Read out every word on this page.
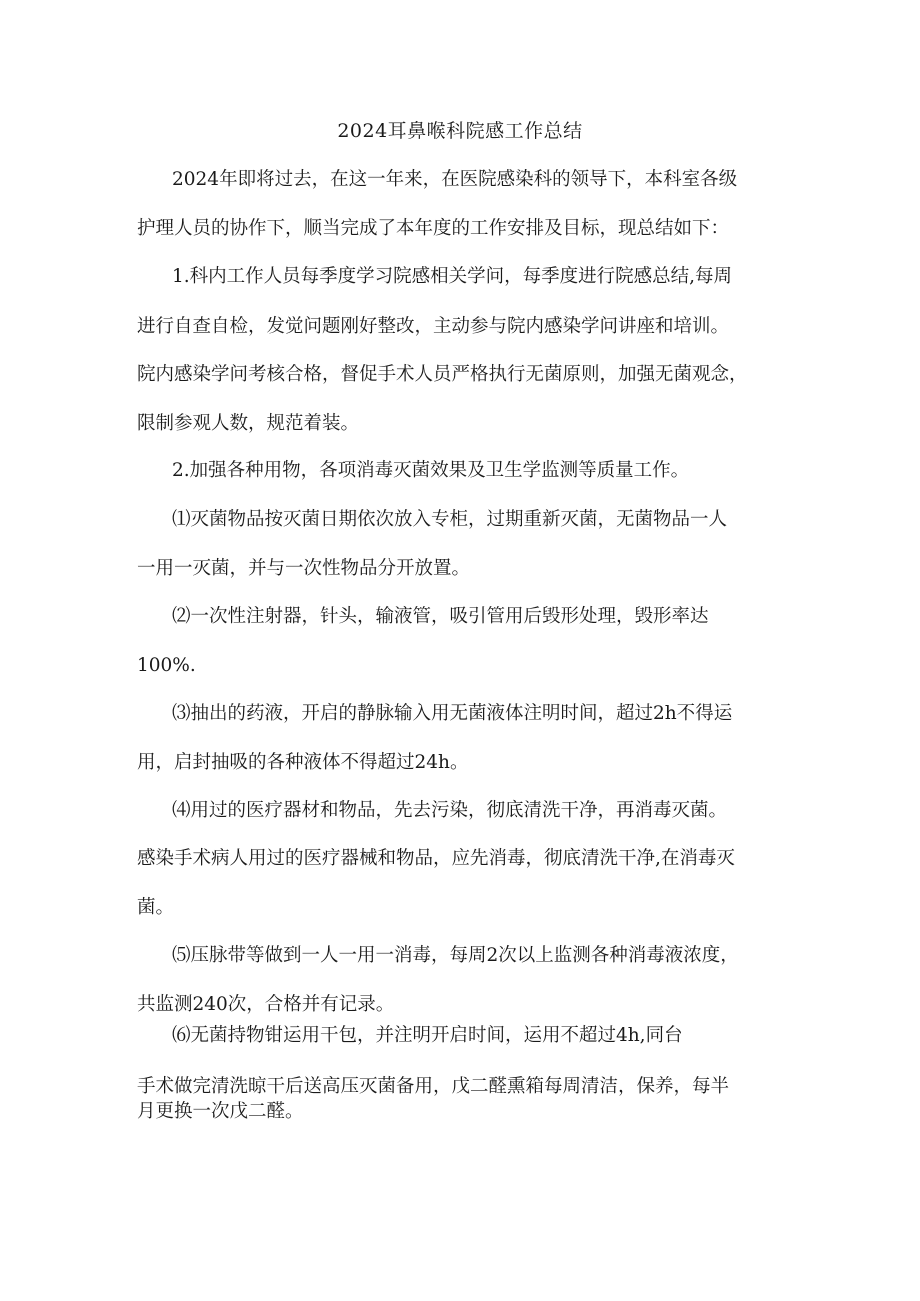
2024耳鼻喉科院感工作总结
2024年即将过去，在这一年来，在医院感染科的领导下，本科室各级
护理人员的协作下，顺当完成了本年度的工作安排及目标，现总结如下：
1.科内工作人员每季度学习院感相关学问，每季度进行院感总结,每周
进行自查自检，发觉问题刚好整改，主动参与院内感染学问讲座和培训。
院内感染学问考核合格，督促手术人员严格执行无菌原则，加强无菌观念，
限制参观人数，规范着装。
2.加强各种用物，各项消毒灭菌效果及卫生学监测等质量工作。
⑴灭菌物品按灭菌日期依次放入专柜，过期重新灭菌，无菌物品一人
一用一灭菌，并与一次性物品分开放置。
⑵一次性注射器，针头，输液管，吸引管用后毁形处理，毁形率达
100%.
⑶抽出的药液，开启的静脉输入用无菌液体注明时间，超过2h不得运
用，启封抽吸的各种液体不得超过24h。
⑷用过的医疗器材和物品，先去污染，彻底清洗干净，再消毒灭菌。
感染手术病人用过的医疗器械和物品，应先消毒，彻底清洗干净,在消毒灭
菌。
⑸压脉带等做到一人一用一消毒，每周2次以上监测各种消毒液浓度，
共监测240次，合格并有记录。
⑹无菌持物钳运用干包，并注明开启时间，运用不超过4h,同台
手术做完清洗晾干后送高压灭菌备用，戊二醛熏箱每周清洁，保养，每半
月更换一次戊二醛。
